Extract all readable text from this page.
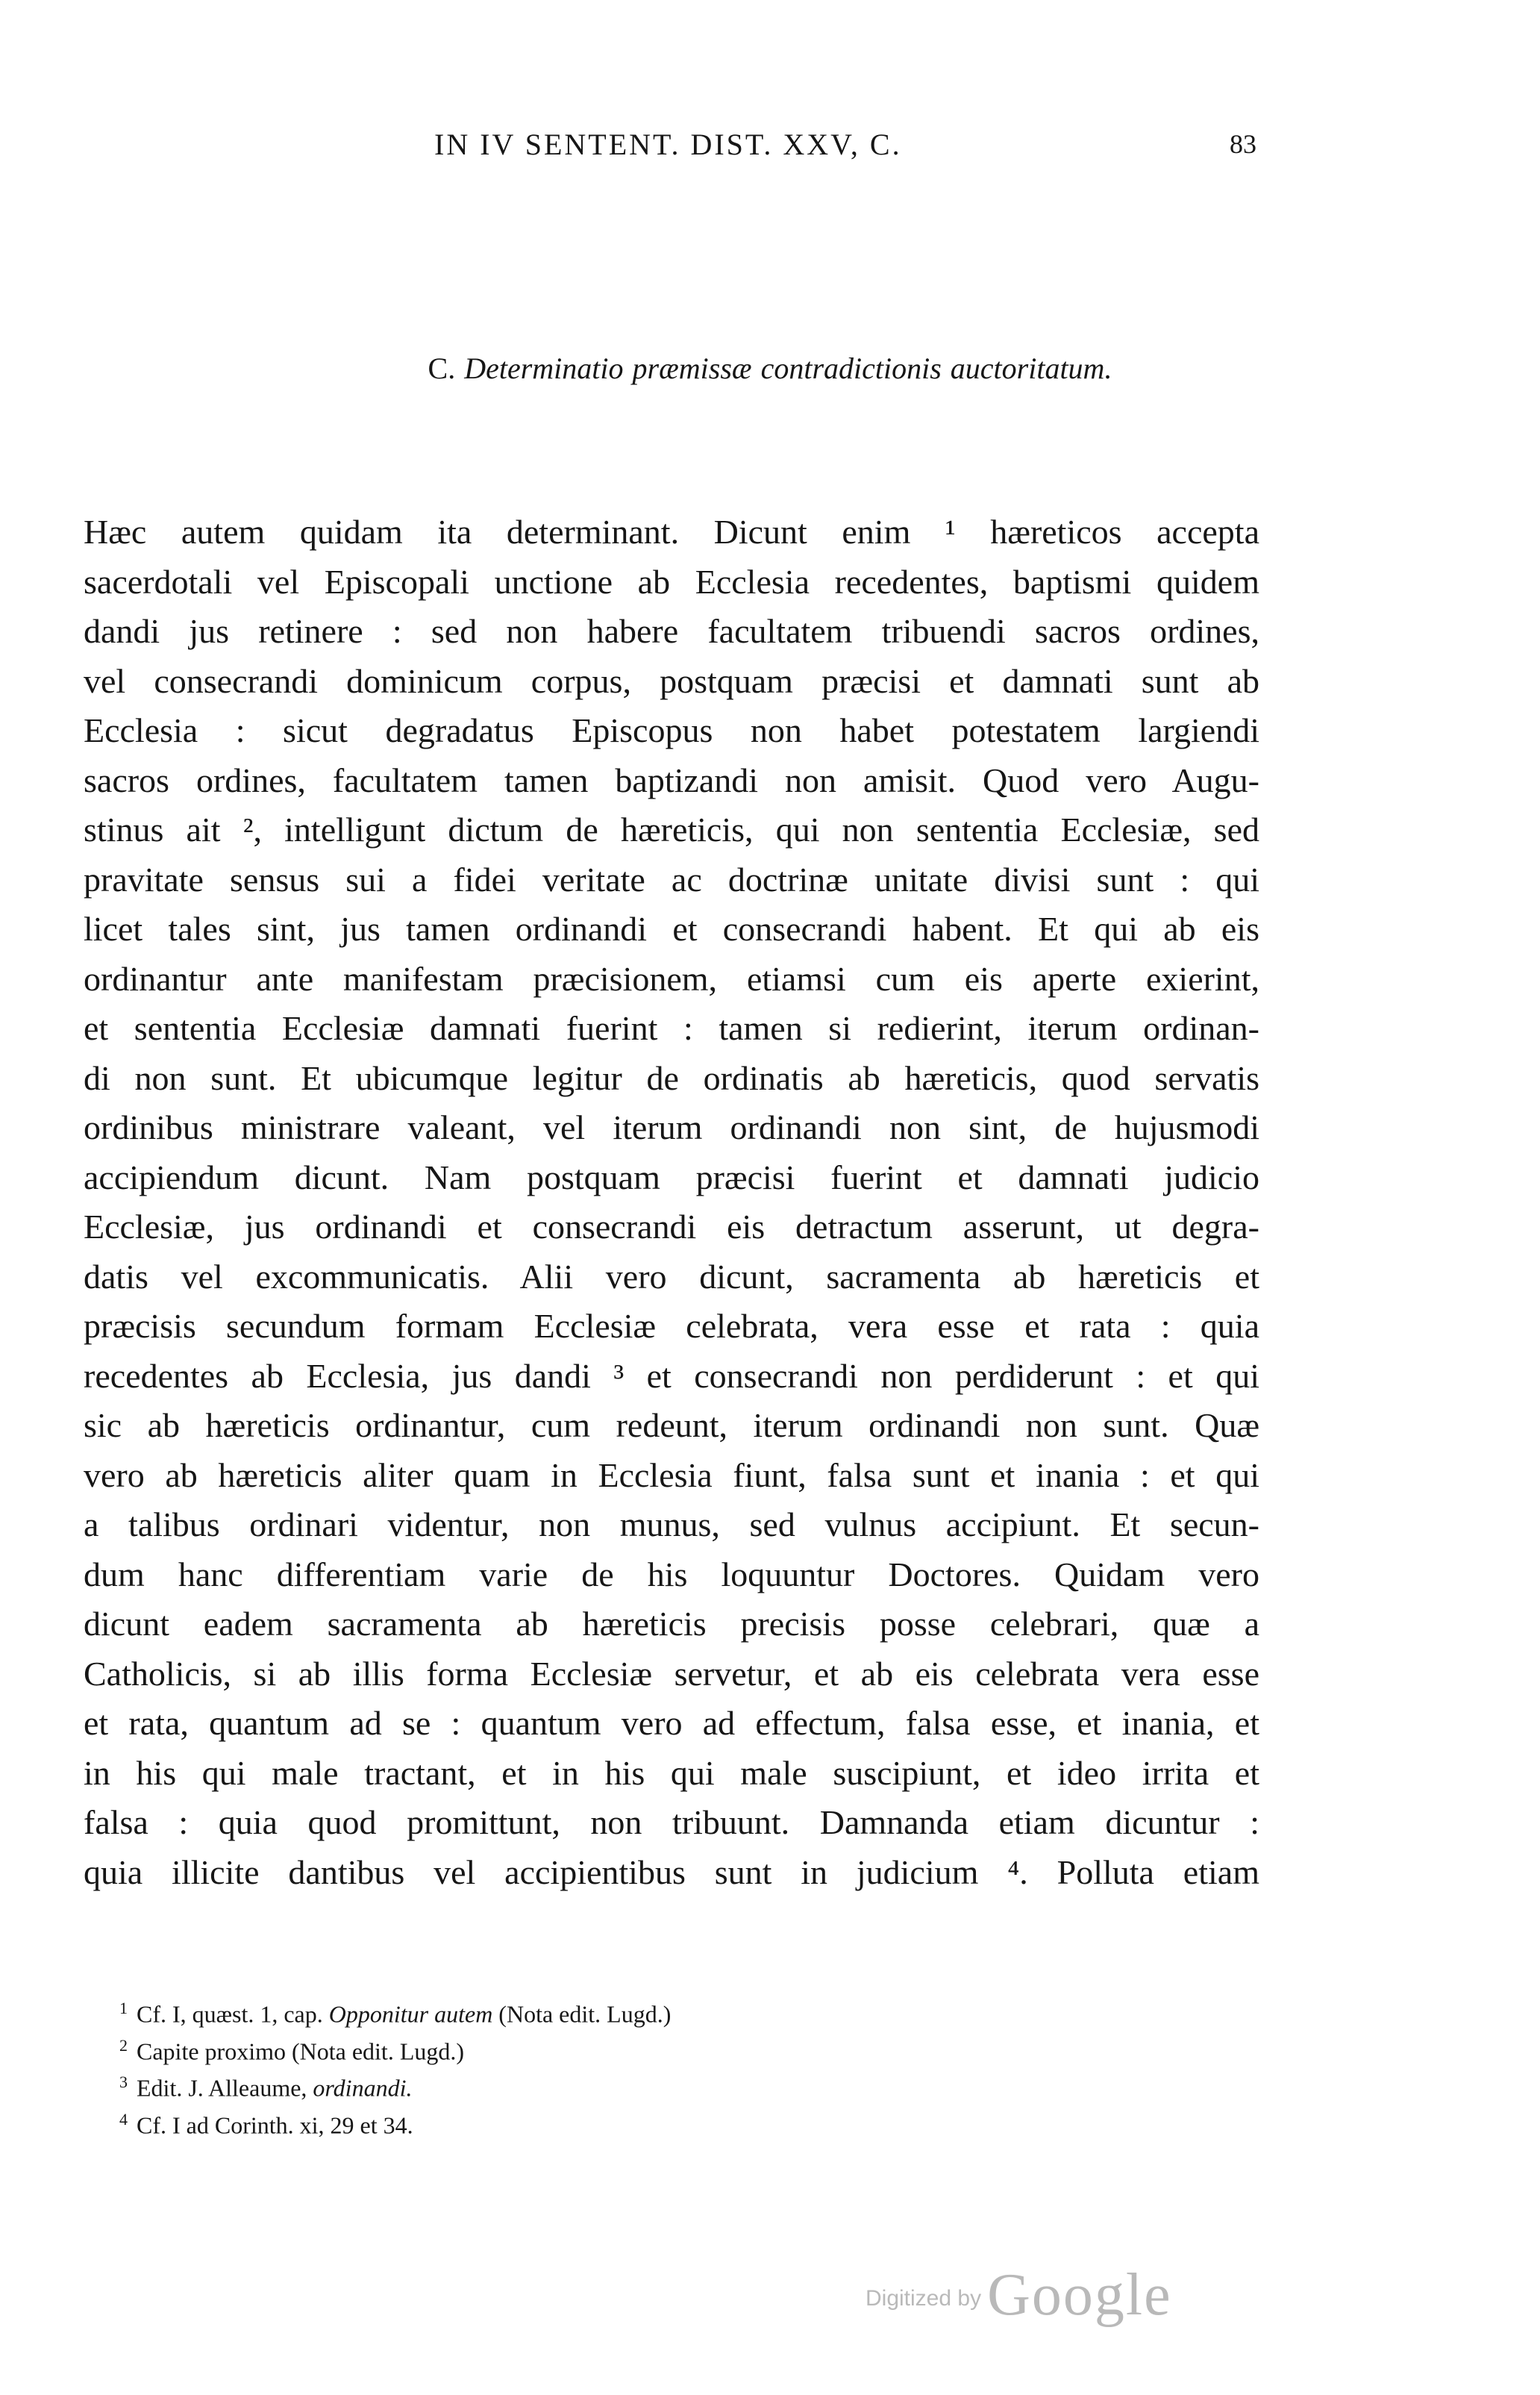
IN IV SENTENT. DIST. XXV, C.	83
C. Determinatio præmissæ contradictionis auctoritatum.
Hæc autem quidam ita determinant. Dicunt enim ¹ hæreticos accepta
sacerdotali vel Episcopali unctione ab Ecclesia recedentes, baptismi quidem
dandi jus retinere : sed non habere facultatem tribuendi sacros ordines,
vel consecrandi dominicum corpus, postquam præcisi et damnati sunt ab
Ecclesia : sicut degradatus Episcopus non habet potestatem largiendi
sacros ordines, facultatem tamen baptizandi non amisit. Quod vero Augu-
stinus ait ², intelligunt dictum de hæreticis, qui non sententia Ecclesiæ, sed
pravitate sensus sui a fidei veritate ac doctrinæ unitate divisi sunt : qui
licet tales sint, jus tamen ordinandi et consecrandi habent. Et qui ab eis
ordinantur ante manifestam præcisionem, etiamsi cum eis aperte exierint,
et sententia Ecclesiæ damnati fuerint : tamen si redierint, iterum ordinan-
di non sunt. Et ubicumque legitur de ordinatis ab hæreticis, quod servatis
ordinibus ministrare valeant, vel iterum ordinandi non sint, de hujusmodi
accipiendum dicunt. Nam postquam præcisi fuerint et damnati judicio
Ecclesiæ, jus ordinandi et consecrandi eis detractum asserunt, ut degra-
datis vel excommunicatis. Alii vero dicunt, sacramenta ab hæreticis et
præcisis secundum formam Ecclesiæ celebrata, vera esse et rata : quia
recedentes ab Ecclesia, jus dandi ³ et consecrandi non perdiderunt : et qui
sic ab hæreticis ordinantur, cum redeunt, iterum ordinandi non sunt. Quæ
vero ab hæreticis aliter quam in Ecclesia fiunt, falsa sunt et inania : et qui
a talibus ordinari videntur, non munus, sed vulnus accipiunt. Et secun-
dum hanc differentiam varie de his loquuntur Doctores. Quidam vero
dicunt eadem sacramenta ab hæreticis precisis posse celebrari, quæ a
Catholicis, si ab illis forma Ecclesiæ servetur, et ab eis celebrata vera esse
et rata, quantum ad se : quantum vero ad effectum, falsa esse, et inania, et
in his qui male tractant, et in his qui male suscipiunt, et ideo irrita et
falsa : quia quod promittunt, non tribuunt. Damnanda etiam dicuntur :
quia illicite dantibus vel accipientibus sunt in judicium ⁴. Polluta etiam
$^1$ Cf. I, quæst. 1, cap. Opponitur autem (Nota edit. Lugd.)
$^2$ Capite proximo (Nota edit. Lugd.)
$^3$ Edit. J. Alleaume, ordinandi.
$^4$ Cf. I ad Corinth. xi, 29 et 34.
Digitized by Google
